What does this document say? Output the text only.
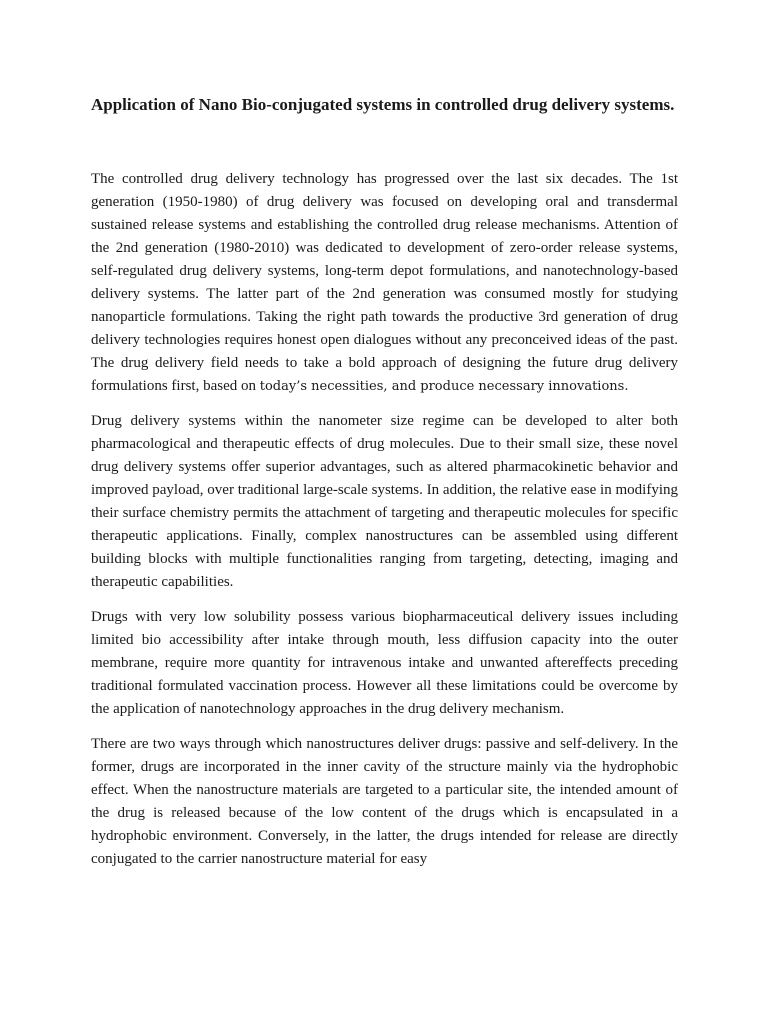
Application of Nano Bio-conjugated systems in controlled drug delivery systems.

The controlled drug delivery technology has progressed over the last six decades. The 1st generation (1950-1980) of drug delivery was focused on developing oral and transdermal sustained release systems and establishing the controlled drug release mechanisms. Attention of the 2nd generation (1980-2010) was dedicated to development of zero-order release systems, self-regulated drug delivery systems, long-term depot formulations, and nanotechnology-based delivery systems. The latter part of the 2nd generation was consumed mostly for studying nanoparticle formulations. Taking the right path towards the productive 3rd generation of drug delivery technologies requires honest open dialogues without any preconceived ideas of the past. The drug delivery field needs to take a bold approach of designing the future drug delivery formulations first, based on today’s necessities, and produce necessary innovations.

Drug delivery systems within the nanometer size regime can be developed to alter both pharmacological and therapeutic effects of drug molecules. Due to their small size, these novel drug delivery systems offer superior advantages, such as altered pharmacokinetic behavior and improved payload, over traditional large-scale systems. In addition, the relative ease in modifying their surface chemistry permits the attachment of targeting and therapeutic molecules for specific therapeutic applications. Finally, complex nanostructures can be assembled using different building blocks with multiple functionalities ranging from targeting, detecting, imaging and therapeutic capabilities.

Drugs with very low solubility possess various biopharmaceutical delivery issues including limited bio accessibility after intake through mouth, less diffusion capacity into the outer membrane, require more quantity for intravenous intake and unwanted aftereffects preceding traditional formulated vaccination process. However all these limitations could be overcome by the application of nanotechnology approaches in the drug delivery mechanism.

There are two ways through which nanostructures deliver drugs: passive and self-delivery. In the former, drugs are incorporated in the inner cavity of the structure mainly via the hydrophobic effect. When the nanostructure materials are targeted to a particular site, the intended amount of the drug is released because of the low content of the drugs which is encapsulated in a hydrophobic environment. Conversely, in the latter, the drugs intended for release are directly conjugated to the carrier nanostructure material for easy
